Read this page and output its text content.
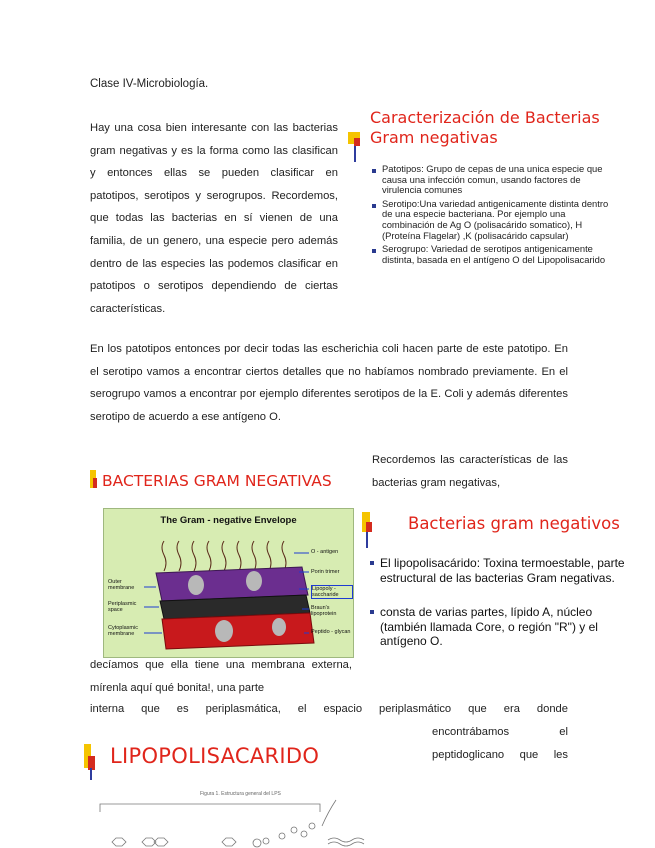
Clase IV-Microbiología.

Hay una cosa bien interesante con las bacterias gram negativas y es la forma como las clasifican y entonces ellas se pueden clasificar en patotipos, serotipos y serogrupos. Recordemos, que todas las bacterias en sí vienen de una familia, de un genero, una especie pero además dentro de las especies las podemos clasificar en patotipos o serotipos dependiendo de ciertas características.

Caracterización de Bacterias
Gram negativas
Patotipos: Grupo de cepas de una unica especie que causa una infección comun, usando factores de virulencia comunes
Serotipo:Una variedad antigenicamente distinta dentro de una especie bacteriana. Por ejemplo una combinación de Ag O (polisacárido somatico), H (Proteína Flagelar) ,K (polisacárido capsular)
Serogrupo: Variedad de serotipos antigenicamente distinta, basada en el antígeno O del Lipopolisacarido

En los patotipos entonces por decir todas las escherichia coli hacen parte de este patotipo. En el serotipo vamos a encontrar ciertos detalles que no habíamos nombrado previamente. En el serogrupo vamos a encontrar por ejemplo diferentes serotipos de la E. Coli y además diferentes serotipo de acuerdo a ese antígeno O.

Recordemos las características de las bacterias gram negativas,

BACTERIAS GRAM NEGATIVAS
The Gram - negative Envelope
Outer membrane
Periplasmic space
Cytoplasmic membrane
O - antigen
Porin trimer
Lipopoly - saccharide
Braun's lipoprotein
Peptido - glycan
Bacterias gram negativos
El lipopolisacárido: Toxina termoestable, parte estructural de las bacterias Gram negativas.
consta de varias partes, lípido A, núcleo (también llamada Core, o región "R") y el antígeno O.

decíamos que ella tiene una membrana externa, mírenla aquí qué bonita!, una parte

interna que es periplasmática, el espacio periplasmático que era donde

encontrábamos el peptidoglicano que les

LIPOPOLISACARIDO
Figura 1. Estructura general del LPS
